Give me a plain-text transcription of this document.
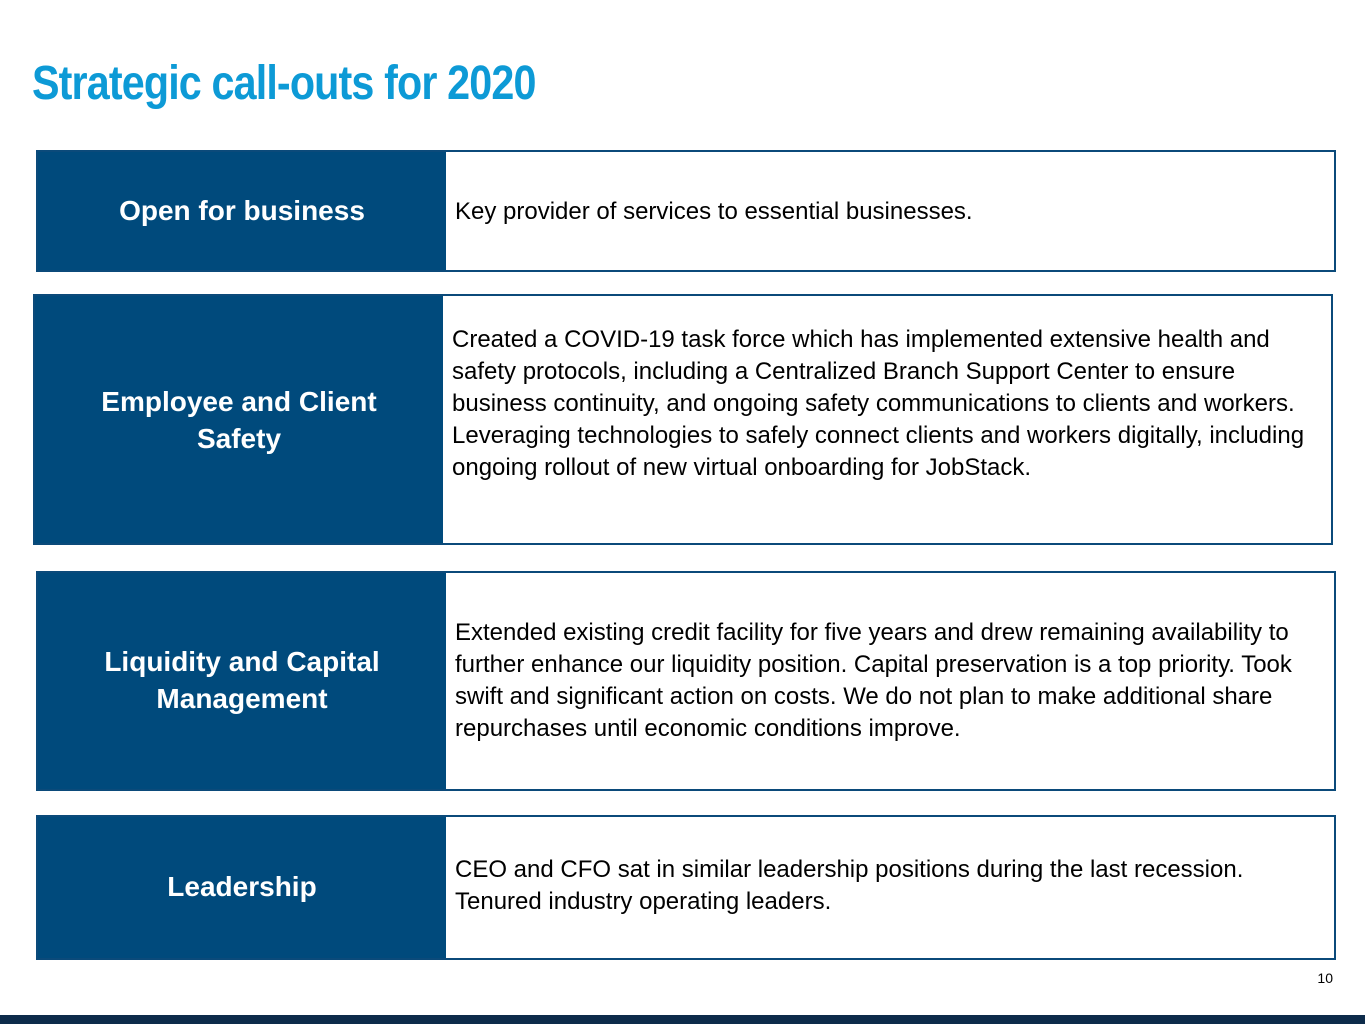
Strategic call-outs for 2020
Open for business	Key provider of services to essential businesses.
Employee and Client Safety
Created a COVID-19 task force which has implemented extensive health and safety protocols, including a Centralized Branch Support Center to ensure business continuity, and ongoing safety communications to clients and workers. Leveraging technologies to safely connect clients and workers digitally, including ongoing rollout of new virtual onboarding for JobStack.
Liquidity and Capital Management
Extended existing credit facility for five years and drew remaining availability to further enhance our liquidity position. Capital preservation is a top priority. Took swift and significant action on costs. We do not plan to make additional share repurchases until economic conditions improve.
Leadership
CEO and CFO sat in similar leadership positions during the last recession. Tenured industry operating leaders.
10
